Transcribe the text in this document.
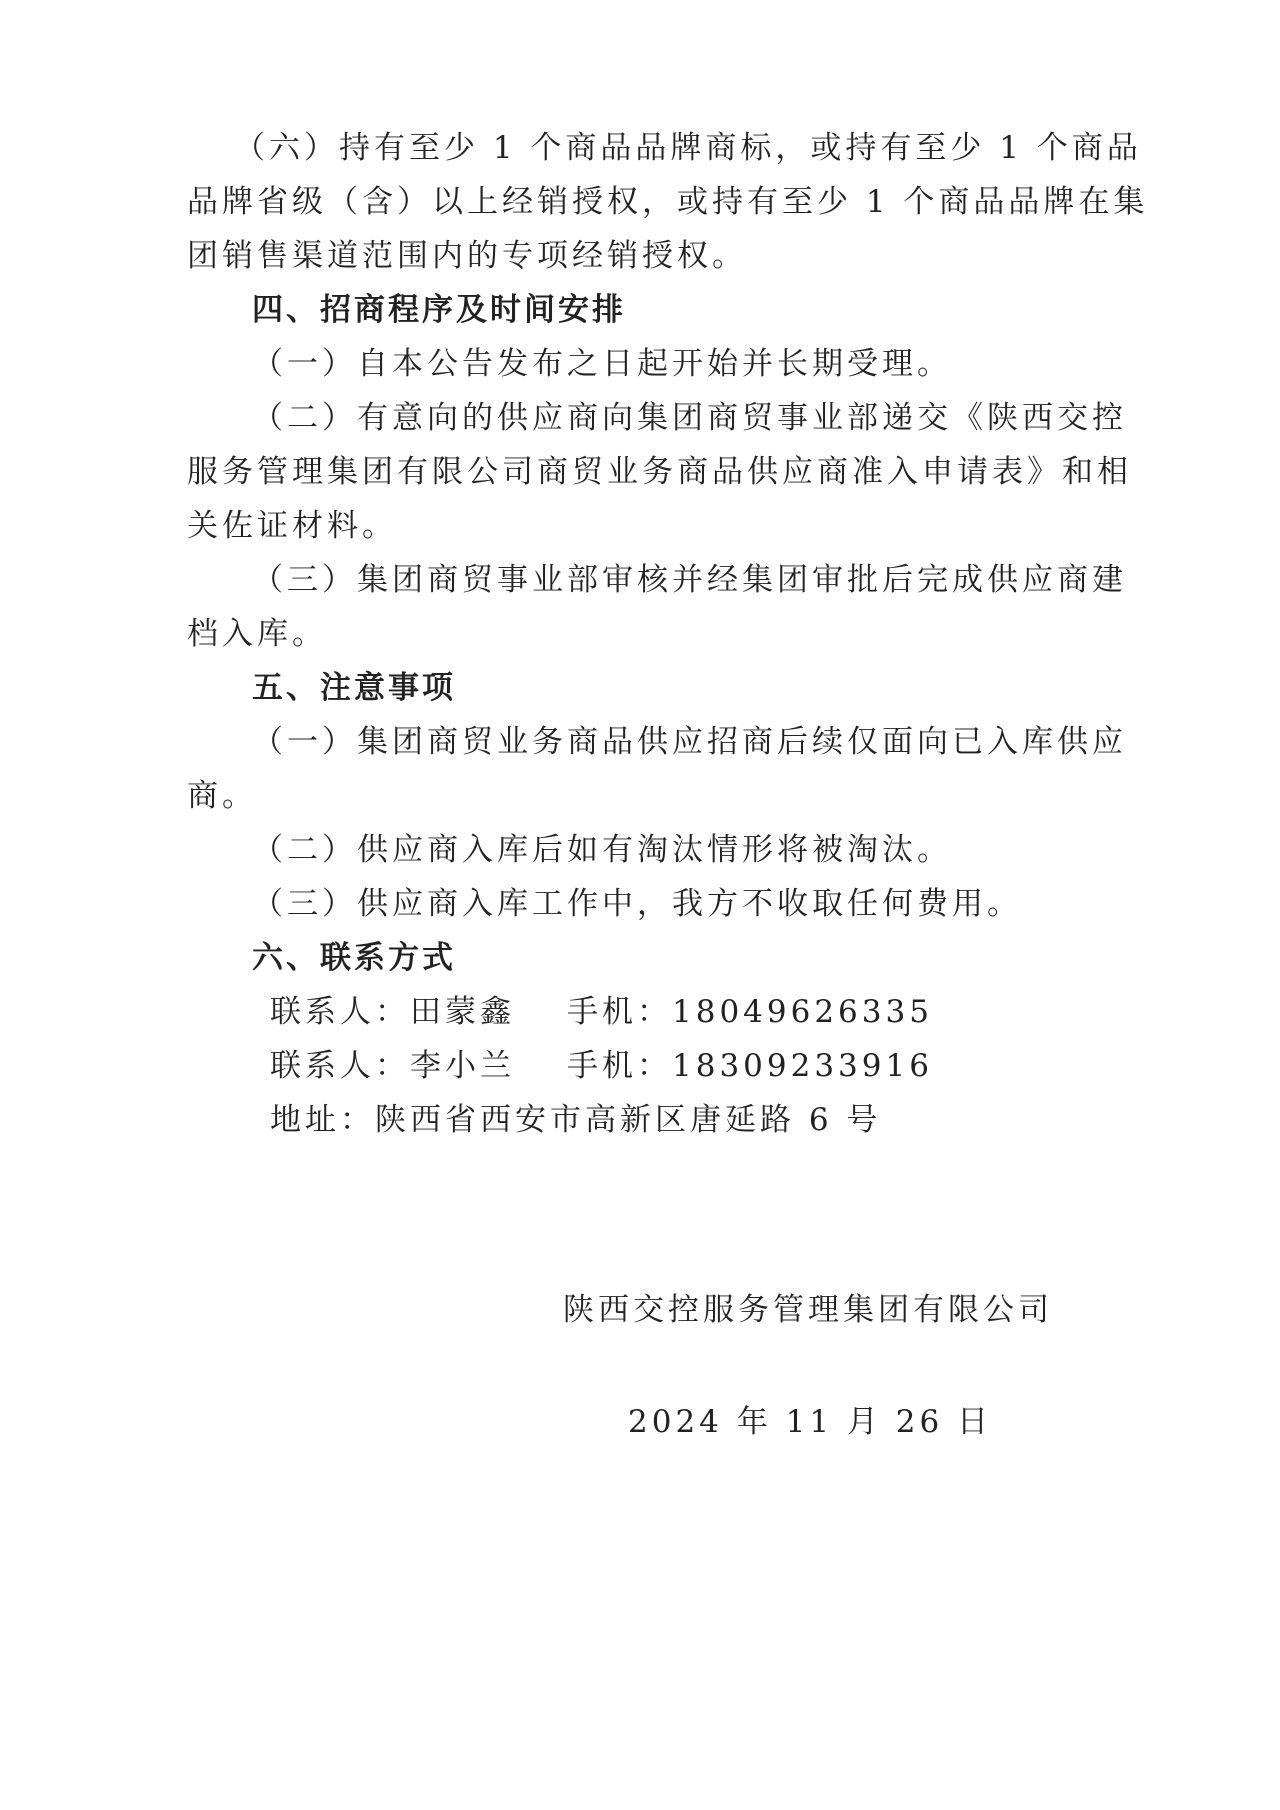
（六）持有至少 1 个商品品牌商标，或持有至少 1 个商品
品牌省级（含）以上经销授权，或持有至少 1 个商品品牌在集
团销售渠道范围内的专项经销授权。
四、招商程序及时间安排
（一）自本公告发布之日起开始并长期受理。
（二）有意向的供应商向集团商贸事业部递交《陕西交控
服务管理集团有限公司商贸业务商品供应商准入申请表》和相
关佐证材料。
（三）集团商贸事业部审核并经集团审批后完成供应商建
档入库。
五、注意事项
（一）集团商贸业务商品供应招商后续仅面向已入库供应
商。
（二）供应商入库后如有淘汰情形将被淘汰。
（三）供应商入库工作中，我方不收取任何费用。
六、联系方式
联系人：田蒙鑫 手机：18049626335
联系人：李小兰 手机：18309233916
地址：陕西省西安市高新区唐延路 6 号
陕西交控服务管理集团有限公司
2024 年 11 月 26 日
